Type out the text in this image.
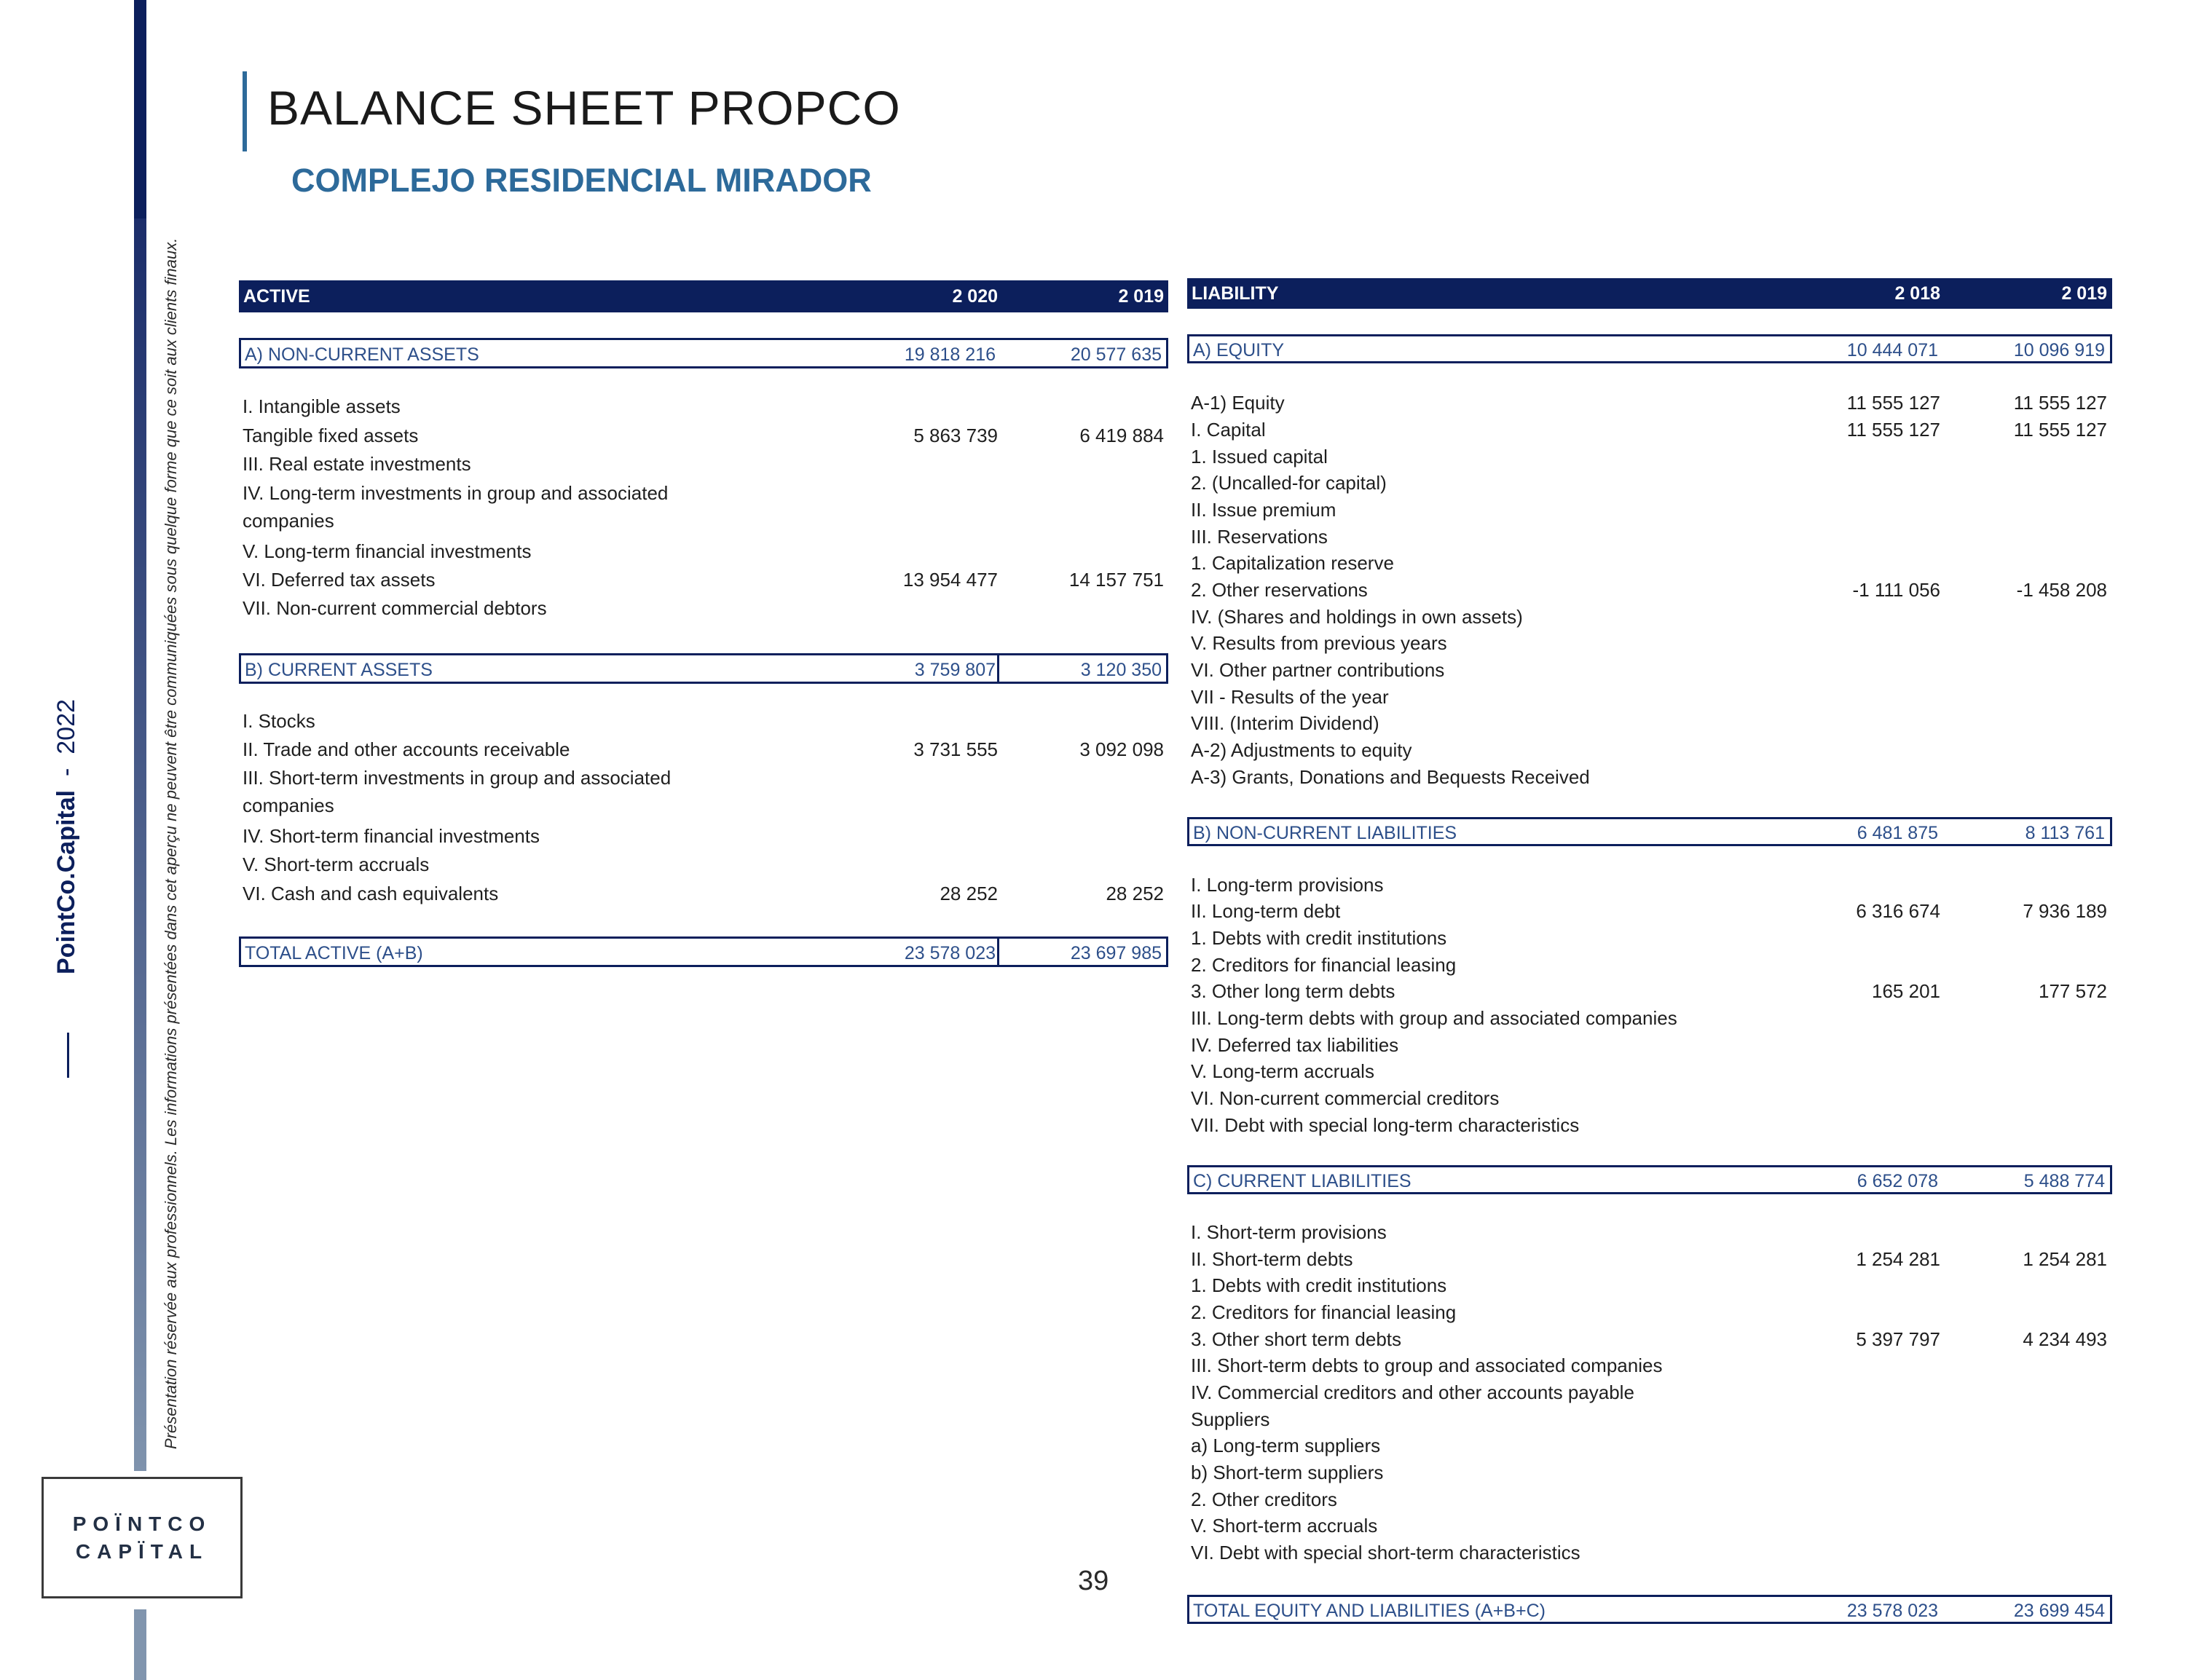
Présentation réservée aux professionnels. Les informations présentées dans cet aperçu ne peuvent être communiquées sous quelque forme que ce soit aux clients finaux.
PointCo.Capital  -  2022
POÏNTCO
CAPÏTAL
BALANCE SHEET PROPCO
COMPLEJO RESIDENCIAL MIRADOR
39
ACTIVE	2 020	2 019
A) NON-CURRENT ASSETS	19 818 216	20 577 635
B) CURRENT ASSETS	3 759 807	3 120 350
TOTAL ACTIVE (A+B)	23 578 023	23 697 985
I. Intangible assets
Tangible fixed assets	5 863 739	6 419 884
III. Real estate investments
IV. Long-term investments in group and associated
companies
V. Long-term financial investments
VI. Deferred tax assets	13 954 477	14 157 751
VII. Non-current commercial debtors
I. Stocks
II. Trade and other accounts receivable	3 731 555	3 092 098
III. Short-term investments in group and associated
companies
IV. Short-term financial investments
V. Short-term accruals
VI. Cash and cash equivalents	28 252	28 252
LIABILITY	2 018	2 019
A) EQUITY	10 444 071	10 096 919
B) NON-CURRENT LIABILITIES	6 481 875	8 113 761
C) CURRENT LIABILITIES	6 652 078	5 488 774
TOTAL EQUITY AND LIABILITIES (A+B+C)	23 578 023	23 699 454
A-1) Equity	11 555 127	11 555 127
I. Capital	11 555 127	11 555 127
1. Issued capital
2. (Uncalled-for capital)
II. Issue premium
III. Reservations
1. Capitalization reserve
2. Other reservations	-1 111 056	-1 458 208
IV. (Shares and holdings in own assets)
V. Results from previous years
VI. Other partner contributions
VII - Results of the year
VIII. (Interim Dividend)
A-2) Adjustments to equity
A-3) Grants, Donations and Bequests Received
I. Long-term provisions
II. Long-term debt	6 316 674	7 936 189
1. Debts with credit institutions
2. Creditors for financial leasing
3. Other long term debts	165 201	177 572
III. Long-term debts with group and associated companies
IV. Deferred tax liabilities
V. Long-term accruals
VI. Non-current commercial creditors
VII. Debt with special long-term characteristics
I. Short-term provisions
II. Short-term debts	1 254 281	1 254 281
1. Debts with credit institutions
2. Creditors for financial leasing
3. Other short term debts	5 397 797	4 234 493
III. Short-term debts to group and associated companies
IV. Commercial creditors and other accounts payable
Suppliers
a) Long-term suppliers
b) Short-term suppliers
2. Other creditors
V. Short-term accruals
VI. Debt with special short-term characteristics
